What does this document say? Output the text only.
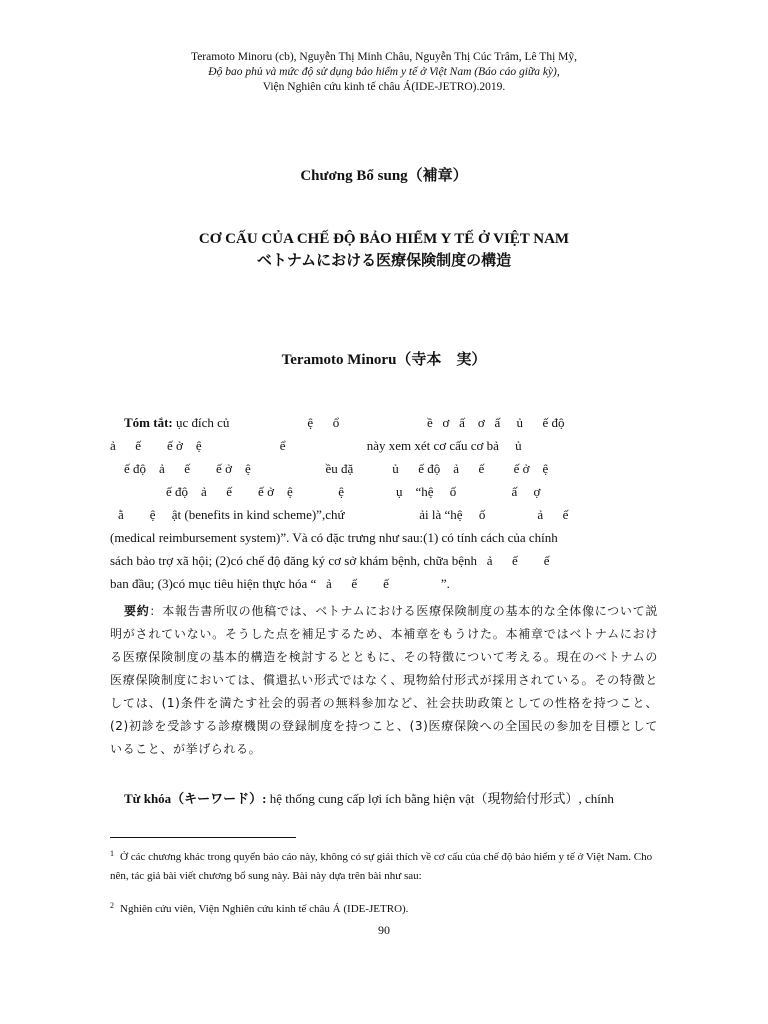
Teramoto Minoru (cb), Nguyễn Thị Minh Châu, Nguyễn Thị Cúc Trâm, Lê Thị Mỹ,
Độ bao phủ và mức độ sử dụng bảo hiểm y tế ở Việt Nam (Báo cáo giữa kỳ),
Viện Nghiên cứu kinh tế châu Á(IDE-JETRO).2019.
Chương Bổ sung（補章）
CƠ CẤU CỦA CHẾ ĐỘ BẢO HIỂM Y TẾ Ở VIỆT NAM
ベトナムにおける医療保険制度の構造
Teramoto Minoru（寺本　実）
Tóm tắt: ục đích củ                        ệ      ổ                           ề   ơ   ấ    ơ   ấ     ủ      ế độ
ả      ế        ế ở    ệ                        ể                         này xem xét cơ cấu cơ bả     ủ
ế độ    ả      ế        ế ở    ệ                       ều đặ            ủ      ế độ    ả      ế         ế ở    ệ
ế độ    ả      ế        ế ở    ệ              ệ                ụ    “hệ     ố                 ấ     ợ
ằ        ệ     ật (benefits in kind scheme)”,chứ                       ải là “hệ     ố                ả      ế
(medical reimbursement system)”. Và có đặc trưng như sau:(1) có tính cách của chính
sách bảo trợ xã hội; (2)có chế độ đăng ký cơ sở khám bệnh, chữa bệnh   ả      ế        ế
ban đầu; (3)có mục tiêu hiện thực hóa “   ả      ế        ế                ”.
要約：本報告書所収の他稿では、ベトナムにおける医療保険制度の基本的な全体像について説明がされていない。そうした点を補足するため、本補章をもうけた。本補章ではベトナムにおける医療保険制度の基本的構造を検討するとともに、その特徴について考える。現在のベトナムの医療保険制度においては、償還払い形式ではなく、現物給付形式が採用されている。その特徴としては、(1)条件を満たす社会的弱者の無料参加など、社会扶助政策としての性格を持つこと、(2)初診を受診する診療機関の登録制度を持つこと、(3)医療保険への全国民の参加を目標としていること、が挙げられる。
Từ khóa（キーワード）: hệ thống cung cấp lợi ích bằng hiện vật（現物給付形式）, chính

$^1$ Ở các chương khác trong quyển báo cáo này, không có sự giải thích về cơ cấu của chế độ bảo hiểm y tế ở Việt Nam. Cho nên, tác giả bài viết chương bổ sung này. Bài này dựa trên bài như sau:

$^2$ Nghiên cứu viên, Viện Nghiên cứu kinh tế châu Á (IDE-JETRO).

90
